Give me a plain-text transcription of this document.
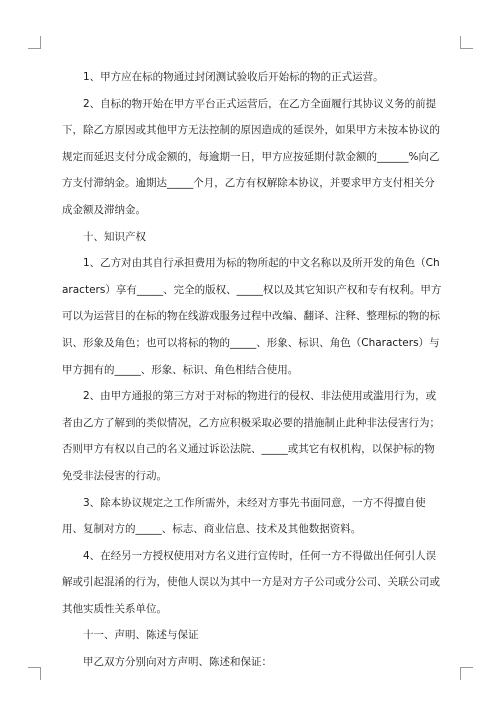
1、甲方应在标的物通过封闭测试验收后开始标的物的正式运营。

2、自标的物开始在甲方平台正式运营后，在乙方全面履行其协议义务的前提下，除乙方原因或其他甲方无法控制的原因造成的延误外，如果甲方未按本协议的规定而延迟支付分成金额的，每逾期一日，甲方应按延期付款金额的______%向乙方支付滞纳金。逾期达_____个月，乙方有权解除本协议，并要求甲方支付相关分成金额及滞纳金。

十、知识产权

1、乙方对由其自行承担费用为标的物所起的中文名称以及所开发的角色（Characters）享有_____、完全的版权、_____权以及其它知识产权和专有权利。甲方可以为运营目的在标的物在线游戏服务过程中改编、翻译、注释、整理标的物的标识、形象及角色；也可以将标的物的_____、形象、标识、角色（Characters）与甲方拥有的_____、形象、标识、角色相结合使用。

2、由甲方通报的第三方对于对标的物进行的侵权、非法使用或滥用行为，或者由乙方了解到的类似情况，乙方应积极采取必要的措施制止此种非法侵害行为；否则甲方有权以自己的名义通过诉讼法院、_____或其它有权机构，以保护标的物免受非法侵害的行动。

3、除本协议规定之工作所需外，未经对方事先书面同意，一方不得擅自使用、复制对方的_____、标志、商业信息、技术及其他数据资料。

4、在经另一方授权使用对方名义进行宣传时，任何一方不得做出任何引人误解或引起混淆的行为，使他人误以为其中一方是对方子公司或分公司、关联公司或其他实质性关系单位。

十一、声明、陈述与保证

甲乙双方分别向对方声明、陈述和保证：
